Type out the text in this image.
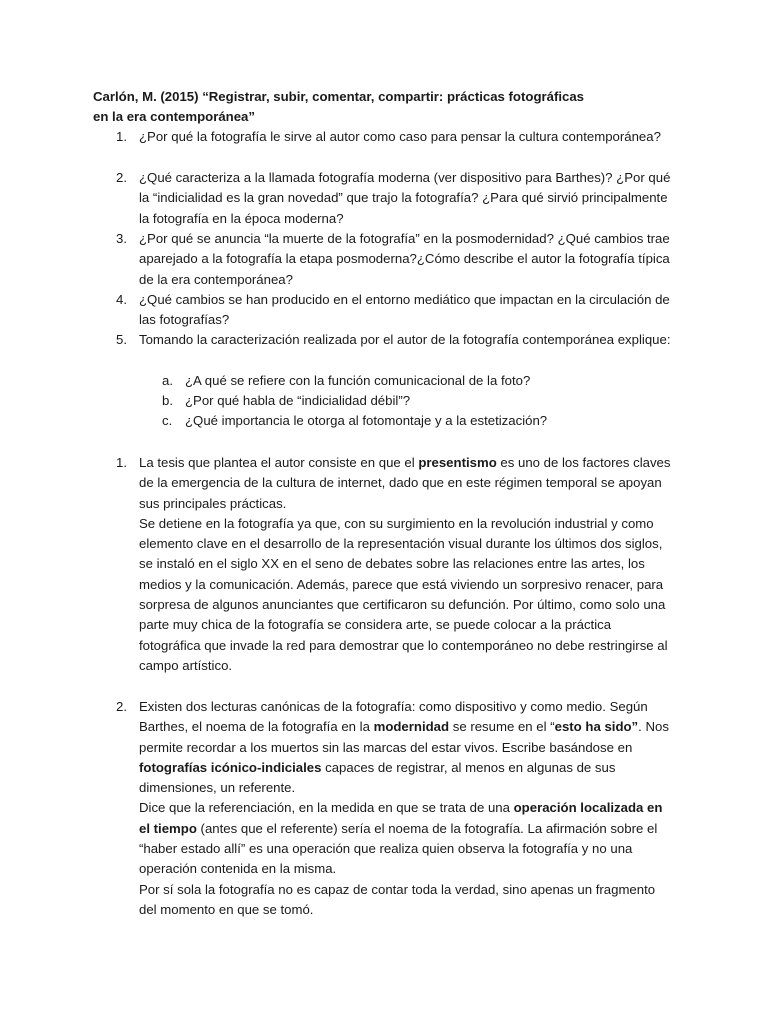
Carlón, M. (2015) “Registrar, subir, comentar, compartir: prácticas fotográficas
en la era contemporánea”
1. ¿Por qué la fotografía le sirve al autor como caso para pensar la cultura contemporánea?
2. ¿Qué caracteriza a la llamada fotografía moderna (ver dispositivo para Barthes)? ¿Por qué la “indicialidad es la gran novedad” que trajo la fotografía? ¿Para qué sirvió principalmente la fotografía en la época moderna?
3. ¿Por qué se anuncia “la muerte de la fotografía” en la posmodernidad? ¿Qué cambios trae aparejado a la fotografía la etapa posmoderna?¿Cómo describe el autor la fotografía típica de la era contemporánea?
4. ¿Qué cambios se han producido en el entorno mediático que impactan en la circulación de las fotografías?
5. Tomando la caracterización realizada por el autor de la fotografía contemporánea explique:
a. ¿A qué se refiere con la función comunicacional de la foto?
b. ¿Por qué habla de “indicialidad débil”?
c. ¿Qué importancia le otorga al fotomontaje y a la estetización?
1. La tesis que plantea el autor consiste en que el presentismo es uno de los factores claves de la emergencia de la cultura de internet, dado que en este régimen temporal se apoyan sus principales prácticas.
Se detiene en la fotografía ya que, con su surgimiento en la revolución industrial y como elemento clave en el desarrollo de la representación visual durante los últimos dos siglos, se instaló en el siglo XX en el seno de debates sobre las relaciones entre las artes, los medios y la comunicación. Además, parece que está viviendo un sorpresivo renacer, para sorpresa de algunos anunciantes que certificaron su defunción. Por último, como solo una parte muy chica de la fotografía se considera arte, se puede colocar a la práctica fotográfica que invade la red para demostrar que lo contemporáneo no debe restringirse al campo artístico.
2. Existen dos lecturas canónicas de la fotografía: como dispositivo y como medio. Según Barthes, el noema de la fotografía en la modernidad se resume en el “esto ha sido”. Nos permite recordar a los muertos sin las marcas del estar vivos. Escribe basándose en fotografías icónico-indiciales capaces de registrar, al menos en algunas de sus dimensiones, un referente.
Dice que la referenciación, en la medida en que se trata de una operación localizada en el tiempo (antes que el referente) sería el noema de la fotografía. La afirmación sobre el “haber estado allí” es una operación que realiza quien observa la fotografía y no una operación contenida en la misma.
Por sí sola la fotografía no es capaz de contar toda la verdad, sino apenas un fragmento del momento en que se tomó.
